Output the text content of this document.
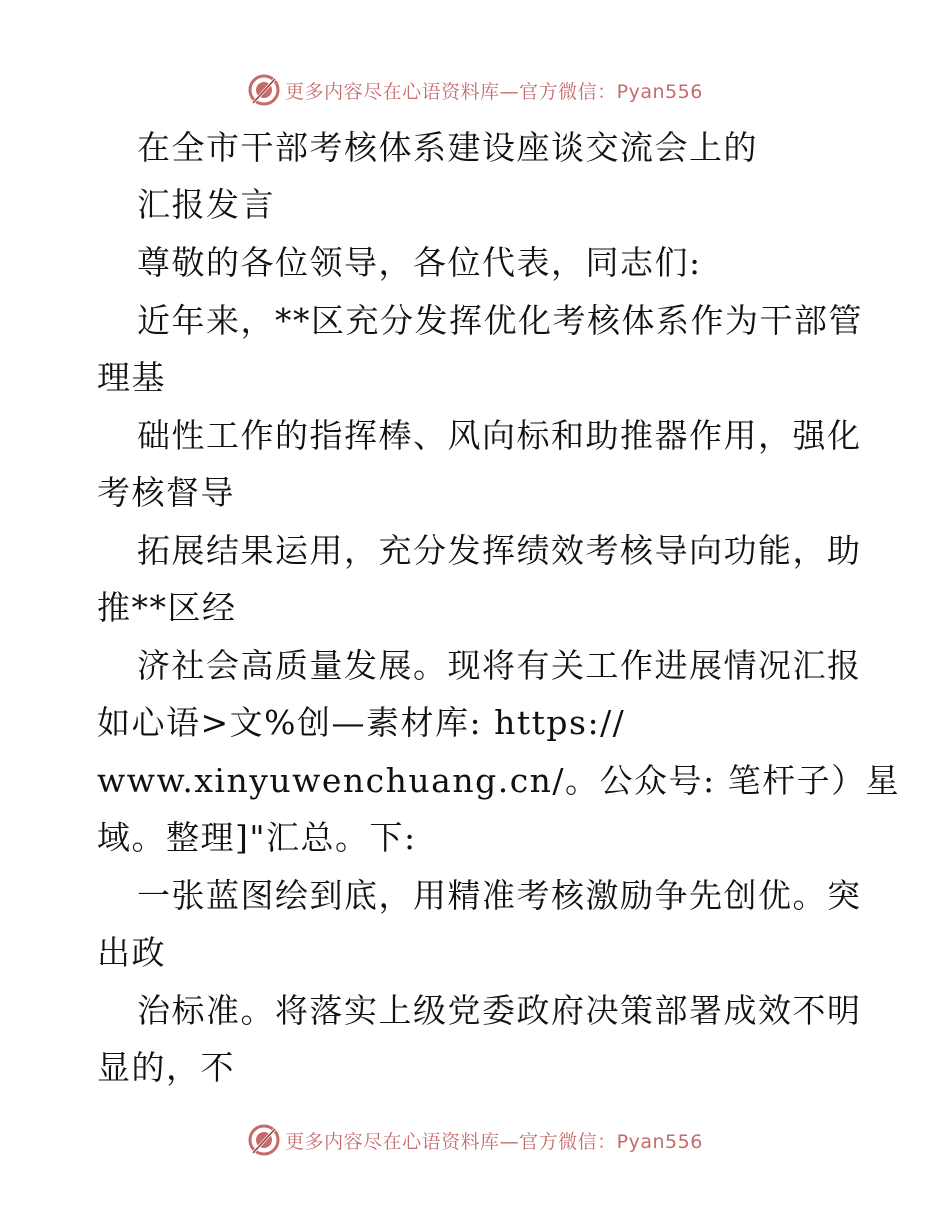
更多内容尽在心语资料库—官方微信：Pyan556
在全市干部考核体系建设座谈交流会上的
汇报发言
尊敬的各位领导，各位代表，同志们:
近年来，**区充分发挥优化考核体系作为干部管
理基
础性工作的指挥棒、风向标和助推器作用，强化
考核督导
拓展结果运用，充分发挥绩效考核导向功能，助
推**区经
济社会高质量发展。现将有关工作进展情况汇报
如心语>文%创—素材库: https://
www.xinyuwenchuang.cn/。公众号: 笔杆子）星
域。整理]"汇总。下:
一张蓝图绘到底，用精准考核激励争先创优。突
出政
治标准。将落实上级党委政府决策部署成效不明
显的，不
更多内容尽在心语资料库—官方微信：Pyan556
